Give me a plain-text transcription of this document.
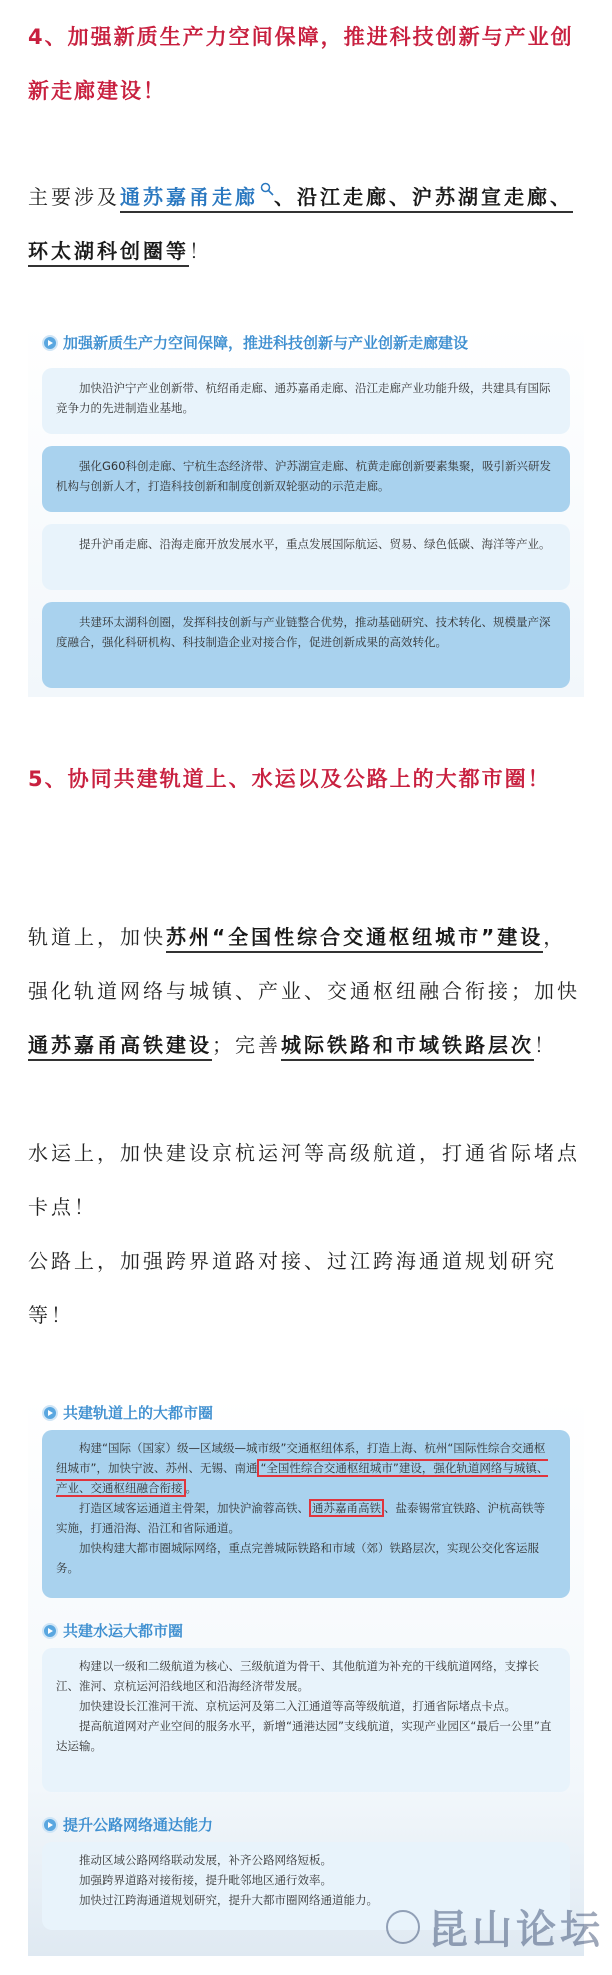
4、加强新质生产力空间保障，推进科技创新与产业创新走廊建设！

主要涉及通苏嘉甬走廊 、沿江走廊、沪苏湖宣走廊、环太湖科创圈等！

加强新质生产力空间保障，推进科技创新与产业创新走廊建设
加快沿沪宁产业创新带、杭绍甬走廊、通苏嘉甬走廊、沿江走廊产业功能升级，共建具有国际竞争力的先进制造业基地。
强化G60科创走廊、宁杭生态经济带、沪苏湖宣走廊、杭黄走廊创新要素集聚，吸引新兴研发机构与创新人才，打造科技创新和制度创新双轮驱动的示范走廊。
提升沪甬走廊、沿海走廊开放发展水平，重点发展国际航运、贸易、绿色低碳、海洋等产业。
共建环太湖科创圈，发挥科技创新与产业链整合优势，推动基础研究、技术转化、规模量产深度融合，强化科研机构、科技制造企业对接合作，促进创新成果的高效转化。
5、协同共建轨道上、水运以及公路上的大都市圈！

轨道上，加快苏州“全国性综合交通枢纽城市”建设，强化轨道网络与城镇、产业、交通枢纽融合衔接；加快通苏嘉甬高铁建设；完善城际铁路和市域铁路层次！

水运上，加快建设京杭运河等高级航道，打通省际堵点卡点！

公路上，加强跨界道路对接、过江跨海通道规划研究等！

共建轨道上的大都市圈

构建“国际（国家）级—区域级—城市级”交通枢纽体系，打造上海、杭州“国际性综合交通枢纽城市”，加快宁波、苏州、无锡、南通 “全国性综合交通枢纽城市”建设，强化轨道网络与城镇、产业、交通枢纽融合衔接 。

打造区域客运通道主骨架，加快沪渝蓉高铁、 通苏嘉甬高铁 、盐泰锡常宜铁路、沪杭高铁等实施，打通沿海、沿江和省际通道。

加快构建大都市圈城际网络，重点完善城际铁路和市域（郊）铁路层次，实现公交化客运服务。

共建水运大都市圈

构建以一级和二级航道为核心、三级航道为骨干、其他航道为补充的干线航道网络，支撑长江、淮河、京杭运河沿线地区和沿海经济带发展。

加快建设长江淮河干流、京杭运河及第二入江通道等高等级航道，打通省际堵点卡点。

提高航道网对产业空间的服务水平，新增“通港达园”支线航道，实现产业园区“最后一公里”直达运输。

提升公路网络通达能力

推动区域公路网络联动发展，补齐公路网络短板。

加强跨界道路对接衔接，提升毗邻地区通行效率。

加快过江跨海通道规划研究，提升大都市圈网络通道能力。

昆山论坛
